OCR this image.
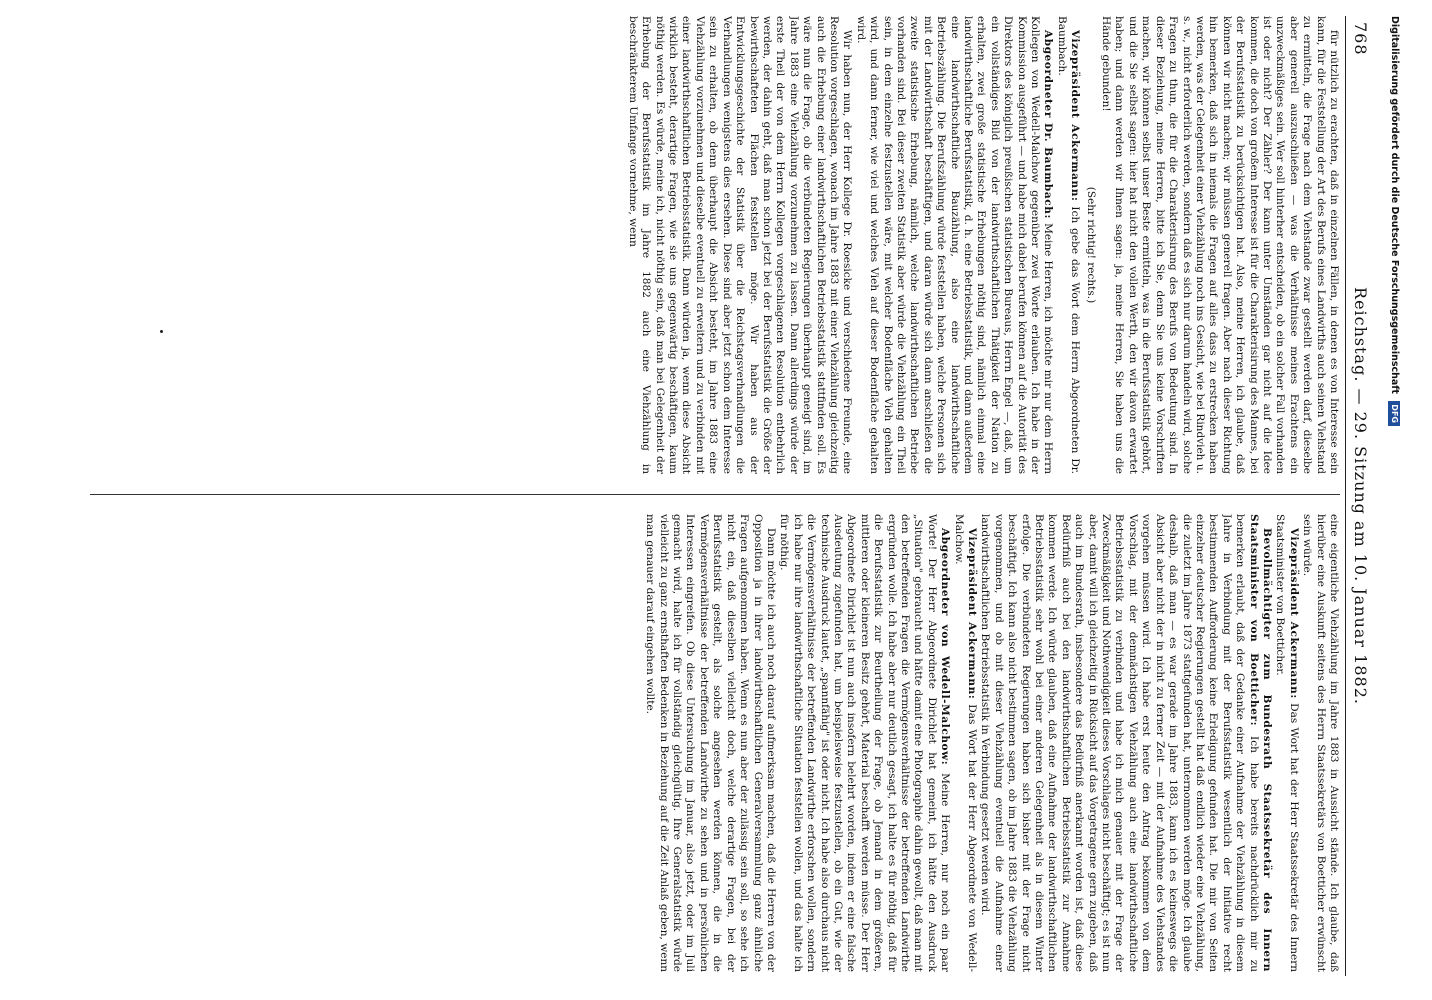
768
Reichstag. — 29. Sitzung am 10. Januar 1882.

für nützlich zu erachten, daß in einzelnen Fällen, in denen es von Interesse sein kann, für die Feststellung der Art des Berufs eines Landwirths auch seinen Viehstand zu ermitteln, die Frage nach dem Viehstande zwar gestellt werden darf, dieselbe aber generell auszuschließen — was die Verhältnisse meines Erachtens ein unzweckmäßiges sein. Wer soll hinterher entscheiden, ob ein solcher Fall vorhanden ist oder nicht? Der Zähler? Der kann unter Umständen gar nicht auf die Idee kommen, die doch von großem Interesse ist für die Charakterisirung des Mannes, bei der Berufsstatistik zu berücksichtigen hat. Also, meine Herren, ich glaube, daß können wir nicht machen; wir müssen generell fragen. Aber nach dieser Richtung hin bemerken, daß sich in niemals die Fragen auf alles dass zu erstrecken haben werden, was der Gelegenheit einer Viehzählung noch ins Gesicht, wie bei Rindvieh u. s. w., nicht erforderlich werden, sondern daß es sich nur darum handeln wird, solche Fragen zu thun, die für die Charakterisirung des Berufs von Bedeutung sind. In dieser Beziehung, meine Herren, bitte ich Sie, denn Sie uns keine Vorschriften machen, wir können selbst unser Beste ermitteln, was in die Berufsstatistik gehört, und die Sie selbst sagen: hier hat nicht den vollen Werth, den wir davon erwartet haben; und dann werden wir Ihnen sagen: ja, meine Herren, Sie haben uns die Hände gebunden!

(Sehr richtig! rechts.)

Vizepräsident Ackermann: Ich gebe das Wort dem Herrn Abgeordneten Dr. Baumbach.

Abgeordneter Dr. Baumbach: Meine Herren, ich möchte mir nur dem Herrn Kollegen von Wedell-Malchow gegenüber zwei Worte erlauben. Ich habe in der Kommission ausgeführt — und habe mich dabei berufen können auf die Autorität des Direktors des königlich preußischen statistischen Bureaus, Herrn Engel —, daß, um ein vollständiges Bild von der landwirthschaftlichen Thätigkeit der Nation zu erhalten, zwei große statistische Erhebungen nöthig sind, nämlich einmal eine landwirthschaftliche Berufsstatistik, d. h. eine Betriebsstatistik, und dann außerdem eine landwirthschaftliche Bauzählung, also eine landwirthschaftliche Betriebszählung. Die Berufszählung würde feststellen haben, welche Personen sich mit der Landwirthschaft beschäftigen, und daran würde sich dann anschließen die zweite statistische Erhebung, nämlich, welche landwirthschaftlichen Betriebe vorhanden sind. Bei dieser zweiten Statistik aber würde die Viehzählung ein Theil sein, in dem einzelne festzustellen wäre, mit welcher Bodenfläche Vieh gehalten wird, und dann ferner, wie viel und welches Vieh auf dieser Bodenfläche gehalten wird.

Wir haben nun, der Herr Kollege Dr. Roesicke und verschiedene Freunde, eine Resolution vorgeschlagen, wonach im Jahre 1883 mit einer Viehzählung gleichzeitig auch die Erhebung einer landwirthschaftlichen Betriebsstatistik stattfinden soll. Es wäre nun die Frage, ob die verbündeten Regierungen überhaupt geneigt sind, im Jahre 1883 eine Viehzählung vorzunehmen zu lassen. Dann allerdings würde der erste Theil der von dem Herrn Kollegen vorgeschlagenen Resolution entbehrlich werden, der dahin geht, daß man schon jetzt bei der Berufsstatistik die Größe der bewirthschafteten Flächen feststellen möge. Wir haben aus der Entwicklungsgeschichte der Statistik über die Reichstagsverhandlungen die Verhandlungen wenigstens dies ersehen. Diese sind aber jetzt schon dem Interesse sein zu erhalten, ob denn überhaupt die Absicht besteht, im Jahre 1883 eine Viehzählung vorzunehmen und dieselbe eventuell zu erweitern und zu verbinden mit einer landwirthschaftlichen Betriebsstatistik. Dann würden ja, wenn diese Absicht wirklich besteht, derartige Fragen, wie sie uns gegenwärtig beschäftigen, kaum nöthig werden. Es würde, meine ich, nicht nöthig sein, daß man bei Gelegenheit der Erhebung der Berufsstatistik im Jahre 1882 auch eine Viehzählung in beschränkterem Umfange vornehme, wenn

eine eigentliche Viehzählung im Jahre 1883 in Aussicht stände. Ich glaube, daß hierüber eine Auskunft seitens des Herrn Staatssekretärs von Boetticher erwünscht sein würde.

Vizepräsident Ackermann: Das Wort hat der Herr Staatssekretär des Innern Staatsminister von Boetticher.

Bevollmächtigter zum Bundesrath Staatssekretär des Innern Staatsminister von Boetticher: Ich habe bereits nachdrücklich mir zu bemerken erlaubt, daß der Gedanke einer Aufnahme der Viehzählung in diesem Jahre in Verbindung mit der Berufsstatistik wesentlich der Initiative recht bestimmenden Aufforderung keine Erledigung gefunden hat. Die mir von Seiten einzelner deutscher Regierungen gestellt hat daß endlich wieder eine Viehzählung, die zuletzt im Jahre 1873 stattgefunden hat, unternommen werden möge. Ich glaube deshalb, daß man — es war gerade im Jahre 1883, kann ich es keineswegs die Absicht aber nicht der in nicht zu ferner Zeit — mit der Aufnahme des Viehstandes vorgehen müssen wird. Ich habe erst heute den Antrag bekommen von dem Vorschlag, mit der demnächstigen Viehzählung auch eine landwirthschaftliche Betriebsstatistik zu verbinden und habe ich mich genauer mit der Frage der Zweckmäßigkeit und Nothwendigkeit dieses Vorschlages nicht beschäftigt; es ist nun aber, damit will ich gleichzeitig in Rücksicht auf das Vorgetragene gern zugeben, daß auch im Bundesrath, insbesondere das Bedürfniß anerkannt worden ist, daß diese Bedürfniß auch bei den landwirthschaftlichen Betriebsstatistik zur Annahme kommen werde. Ich würde glauben, daß eine Aufnahme der landwirthschaftlichen Betriebsstatistik sehr wohl bei einer anderen Gelegenheit als in diesem Winter erfolge. Die verbündeten Regierungen haben sich bisher mit der Frage nicht beschäftigt. Ich kann also nicht bestimmen sagen, ob im Jahre 1883 die Viehzählung vorgenommen, und ob mit dieser Viehzählung eventuell die Aufnahme einer landwirthschaftlichen Betriebsstatistik in Verbindung gesetzt werden wird.

Vizepräsident Ackermann: Das Wort hat der Herr Abgeordnete von Wedell-Malchow.

Abgeordneter von Wedell-Malchow: Meine Herren, nur noch ein paar Worte! Der Herr Abgeordnete Dirichlet hat gemeint, ich hätte den Ausdruck „Situation" gebraucht und hätte damit eine Photographie dahin gewollt, daß man mit den betreffenden Fragen die Vermögensverhältnisse der betreffenden Landwirthe ergründen wolle. Ich habe aber nur deutlich gesagt, ich halte es für nöthig, daß für die Berufsstatistik zur Beurtheilung der Frage, ob Jemand in dem größeren, mittleren oder kleineren Besitz gehört, Material beschafft werden müsse. Der Herr Abgeordnete Dirichlet ist nun auch insofern belehrt worden, indem er eine falsche Ausdeutung zugefunden hat, um beispielsweise festzustellen, ob ein Gut, wie der technische Ausdruck lautet, „spannfähig" ist oder nicht. Ich habe also durchaus nicht die Vermögensverhältnisse der betreffenden Landwirthe erforschen wollen, sondern ich habe nur ihre landwirthschaftliche Situation feststellen wollen, und das halte ich für nöthig.

Dann möchte ich auch noch darauf aufmerksam machen, daß die Herren von der Opposition ja in ihrer landwirthschaftlichen Generalversammlung ganz ähnliche Fragen aufgenommen haben. Wenn es nun aber der zulässig sein soll, so sehe ich nicht ein, daß dieselben vielleicht doch, welche derartige Fragen, bei der Berufsstatistik gestellt, als solche angesehen werden können, die in die Vermögensverhältnisse der betreffenden Landwirthe zu sehen und in persönlichen Interessen eingreifen. Ob diese Untersuchung im Januar, also jetzt, oder im Juli gemacht wird, halte ich für vollständig gleichgültig. Ihre Generalstatistik würde vielleicht zu ganz ernsthaften Bedenken in Beziehung auf die Zeit Anlaß geben, wenn man genauer darauf eingehen wollte.

Digitalisierung gefördert durch die Deutsche Forschungsgemeinschaft DFG
